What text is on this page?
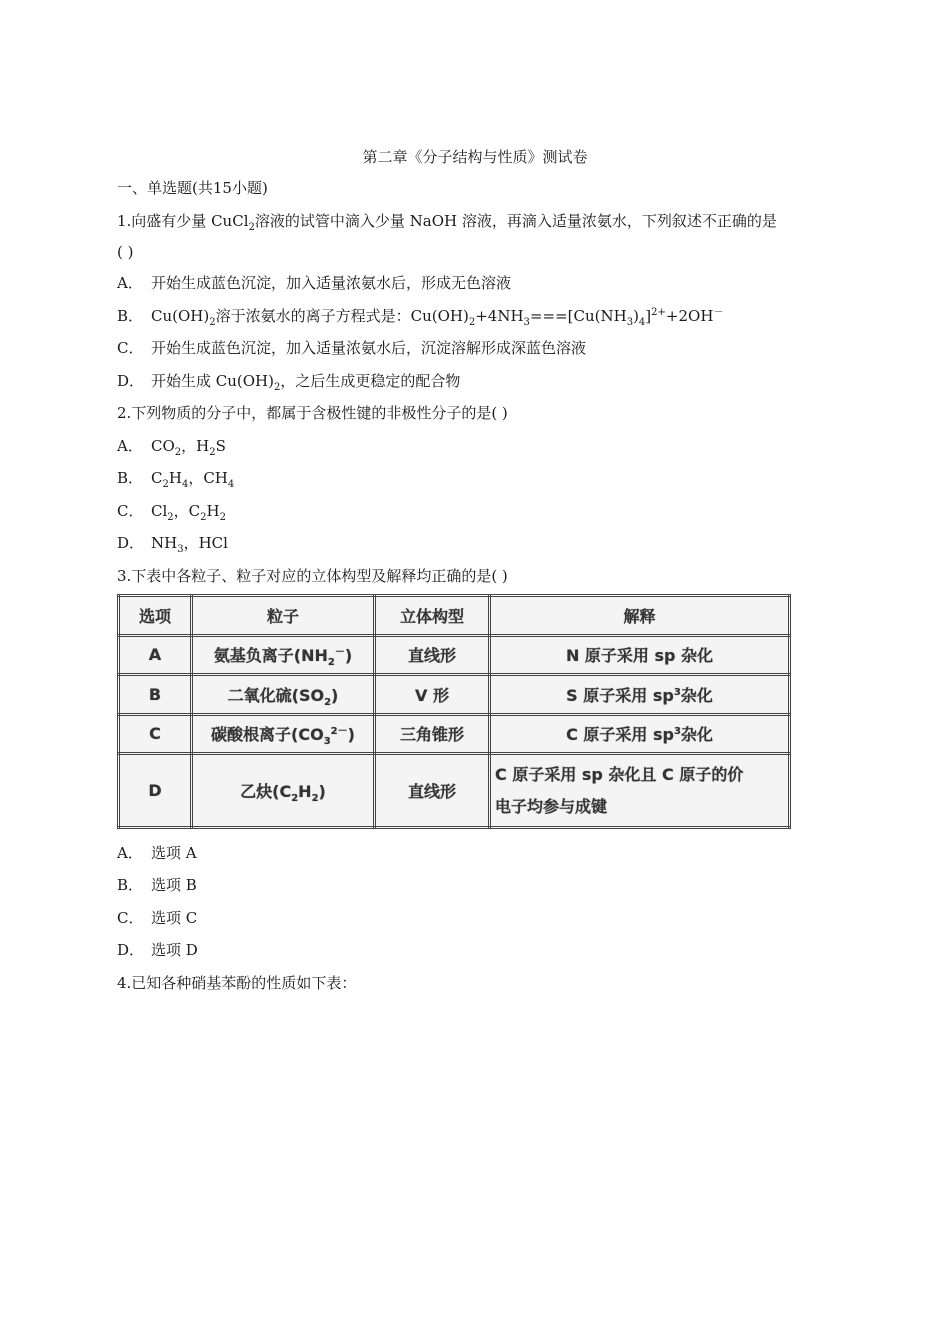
第二章《分子结构与性质》测试卷
一、单选题(共15小题)
1.向盛有少量 CuCl$_2$溶液的试管中滴入少量 NaOH 溶液，再滴入适量浓氨水，下列叙述不正确的是
( )
A． 开始生成蓝色沉淀，加入适量浓氨水后，形成无色溶液
B． $Cu(OH)_2$溶于浓氨水的离子方程式是：$Cu(OH)_2+4NH_3===[Cu(NH_3)_4]^{2+}+2OH^-$
C． 开始生成蓝色沉淀，加入适量浓氨水后，沉淀溶解形成深蓝色溶液
D． 开始生成 $Cu(OH)_2$，之后生成更稳定的配合物
2.下列物质的分子中，都属于含极性键的非极性分子的是( )
A． $CO_2$，$H_2S$
B． $C_2H_4$，$CH_4$
C． $Cl_2$，$C_2H_2$
D． $NH_3$，HCl
3.下表中各粒子、粒子对应的立体构型及解释均正确的是( )
选项	粒子	立体构型	解释
A	氨基负离子$(NH_2^-)$	直线形	N 原子采用 sp 杂化
B	二氧化硫$(SO_2)$	V 形	S 原子采用 $sp^3$杂化
C	碳酸根离子$(CO_3^{2-})$	三角锥形	C 原子采用 $sp^3$杂化
D	乙炔$(C_2H_2)$	直线形	C 原子采用 sp 杂化且 C 原子的价
电子均参与成键
A． 选项 A
B． 选项 B
C． 选项 C
D． 选项 D
4.已知各种硝基苯酚的性质如下表：
